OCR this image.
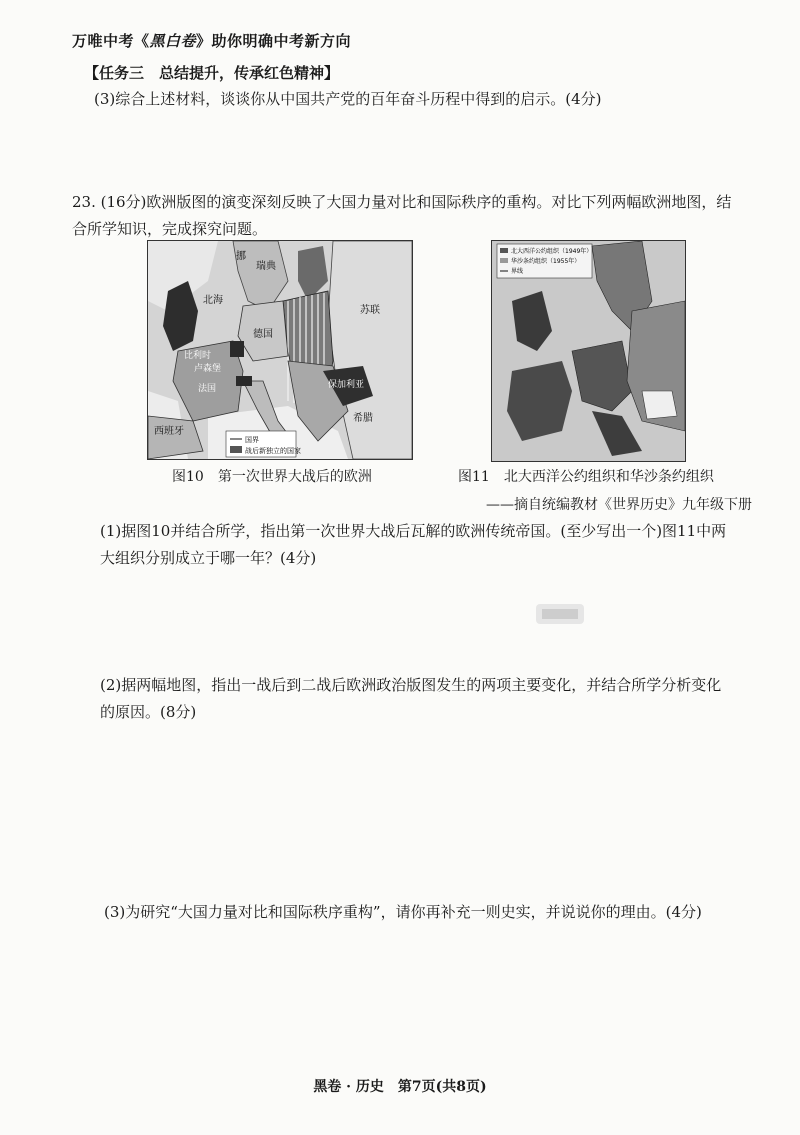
万唯中考《黑白卷》助你明确中考新方向
【任务三　总结提升，传承红色精神】
(3)综合上述材料，谈谈你从中国共产党的百年奋斗历程中得到的启示。(4分)
23. (16分)欧洲版图的演变深刻反映了大国力量对比和国际秩序的重构。对比下列两幅欧洲地图，结合所学知识，完成探究问题。
瑞典
挪
北海
苏联
德国
比利时
卢森堡
法国
西班牙
保加利亚
希腊
国界
战后新独立的国家
北大西洋公约组织（1949年）
华沙条约组织（1955年）
界线
图10　第一次世界大战后的欧洲	图11　北大西洋公约组织和华沙条约组织
——摘自统编教材《世界历史》九年级下册
(1)据图10并结合所学，指出第一次世界大战后瓦解的欧洲传统帝国。(至少写出一个)图11中两大组织分别成立于哪一年？(4分)
(2)据两幅地图，指出一战后到二战后欧洲政治版图发生的两项主要变化，并结合所学分析变化的原因。(8分)
(3)为研究“大国力量对比和国际秩序重构”，请你再补充一则史实，并说说你的理由。(4分)
黑卷 · 历史　第7页(共8页)
